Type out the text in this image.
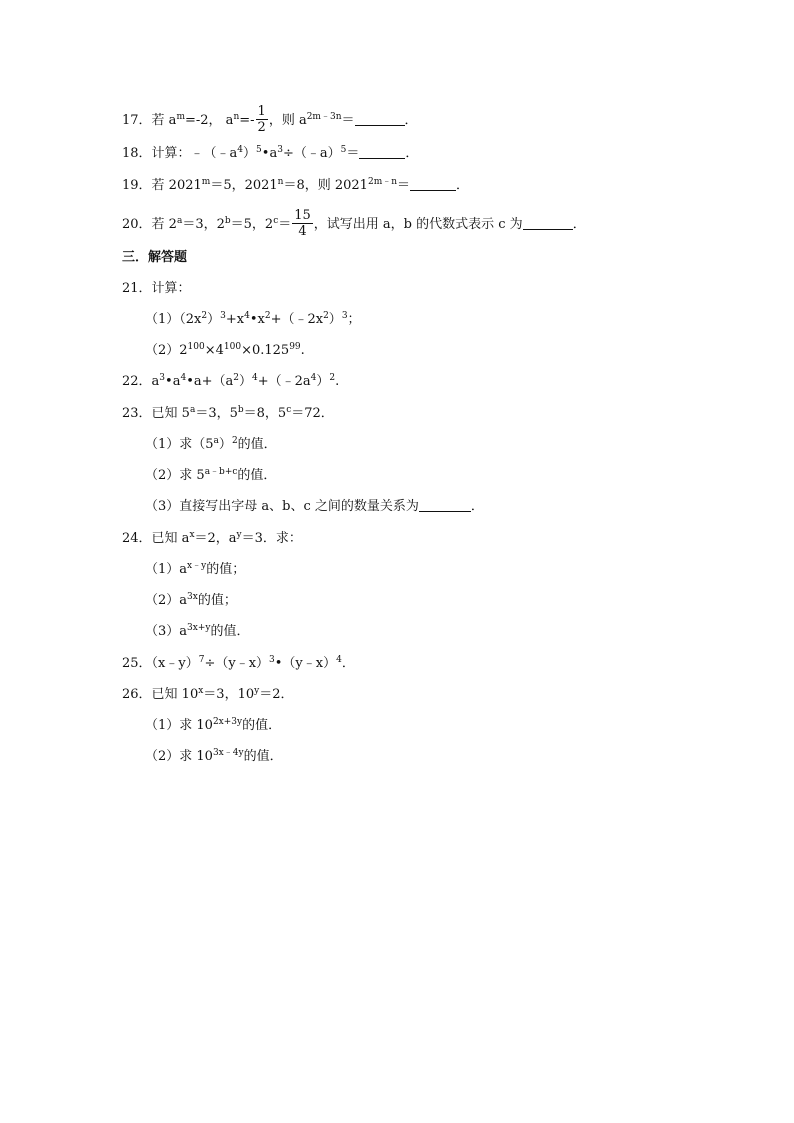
17．若 $a^m=-2$， $a^n=- \frac{1}{2}$ ，则 $a^{2m﹣3n}=$	．
18．计算：$﹣(﹣a^4)^5•a^3\div(﹣a)^5=$	．
19．若 $2021^m=5$，$2021^n=8$，则 $2021^{2m﹣n}=$	．
20．若 $2^a=3$，$2^b=5$，$2^c= \frac{15}{4}$ ，试写出用 a，b 的代数式表示 c 为	．
三．解答题
21．计算：
$(1)(2x^2)^3+x^4•x^2+(﹣2x^2)^3$；
$(2)2^{100}\times 4^{100}\times 0.125^{99}$.
22．$a^3•a^4•a+(a^2)^4+(﹣2a^4)^2$.
23．已知 $5^a=3$，$5^b=8$，$5^c=72$．
（1）求$(5^a)^2$的值．
（2）求 $5^{a﹣b+c}$的值．
（3）直接写出字母 a、b、c 之间的数量关系为	．
24．已知 $a^x=2$，$a^y=3$．求：
$(1)a^{x﹣y}$的值；
$(2)a^{3x}$的值；
$(3)a^{3x+y}$的值．
25．（x﹣y）$^7$÷（y﹣x）$^3$•（y﹣x）$^4$．
26．已知 $10^x=3$，$10^y=2$．
（1）求 $10^{2x+3y}$的值．
（2）求 $10^{3x﹣4y}$的值．
